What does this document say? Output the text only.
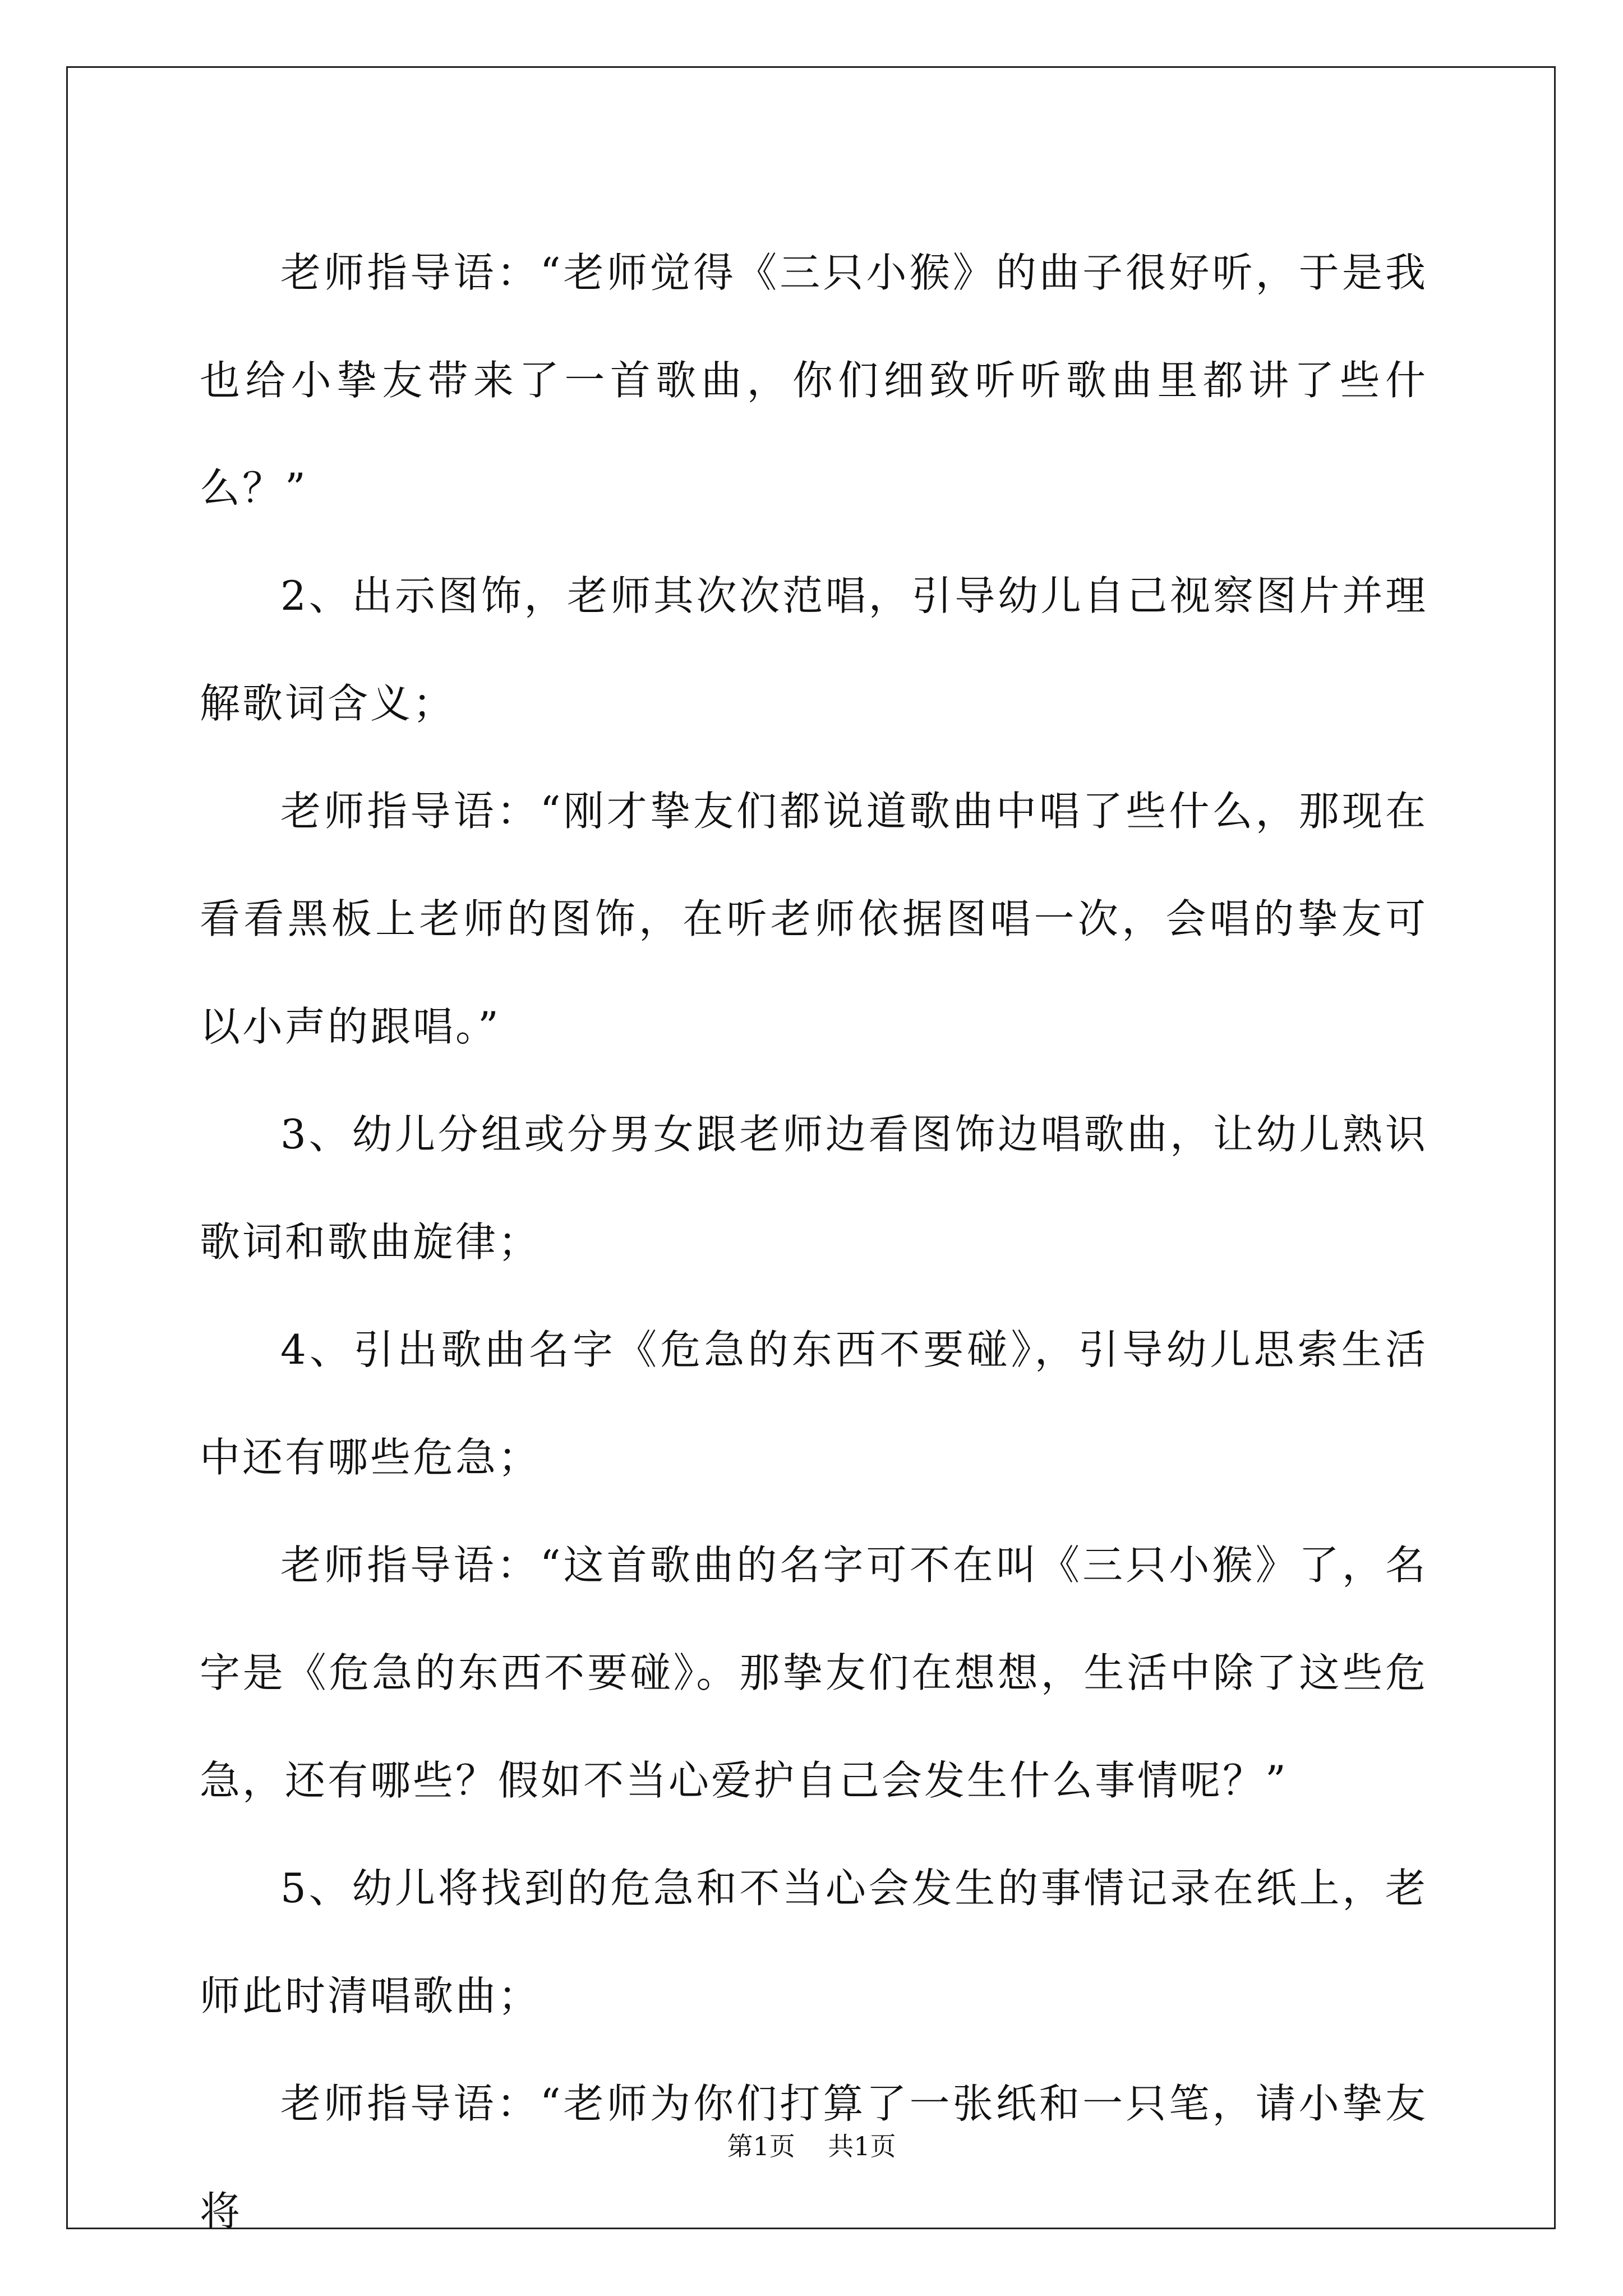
老师指导语：“老师觉得《三只小猴》的曲子很好听，于是我也给小挚友带来了一首歌曲，你们细致听听歌曲里都讲了些什么？”

2、出示图饰，老师其次次范唱，引导幼儿自己视察图片并理解歌词含义；

老师指导语：“刚才挚友们都说道歌曲中唱了些什么，那现在看看黑板上老师的图饰，在听老师依据图唱一次，会唱的挚友可以小声的跟唱。”

3、幼儿分组或分男女跟老师边看图饰边唱歌曲，让幼儿熟识歌词和歌曲旋律；

4、引出歌曲名字《危急的东西不要碰》，引导幼儿思索生活中还有哪些危急；

老师指导语：“这首歌曲的名字可不在叫《三只小猴》了，名字是《危急的东西不要碰》。那挚友们在想想，生活中除了这些危急，还有哪些？假如不当心爱护自己会发生什么事情呢？”

5、幼儿将找到的危急和不当心会发生的事情记录在纸上，老师此时清唱歌曲；

老师指导语：“老师为你们打算了一张纸和一只笔，请小挚友将

第1页    共1页
